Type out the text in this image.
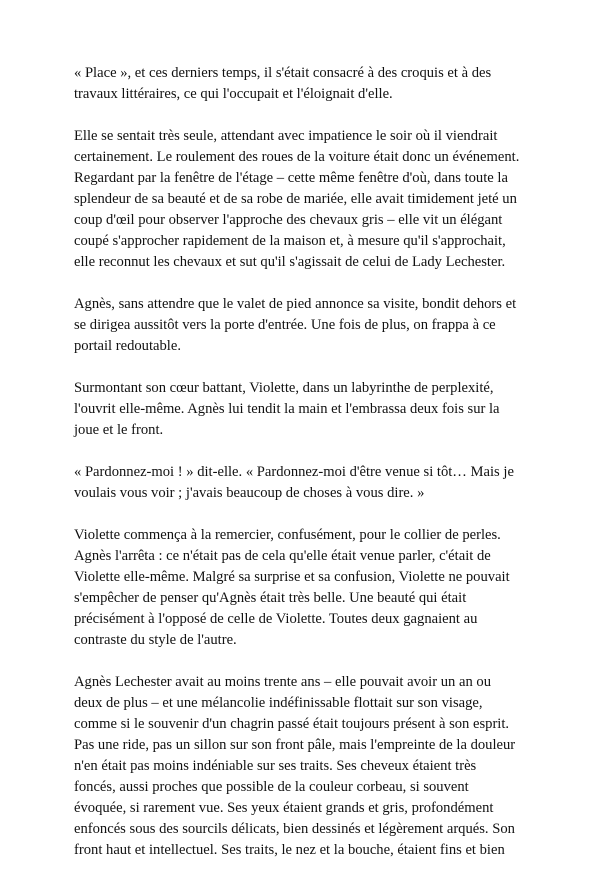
« Place », et ces derniers temps, il s'était consacré à des croquis et à des
travaux littéraires, ce qui l'occupait et l'éloignait d'elle.

Elle se sentait très seule, attendant avec impatience le soir où il viendrait
certainement. Le roulement des roues de la voiture était donc un événement.
Regardant par la fenêtre de l'étage – cette même fenêtre d'où, dans toute la
splendeur de sa beauté et de sa robe de mariée, elle avait timidement jeté un
coup d'œil pour observer l'approche des chevaux gris – elle vit un élégant
coupé s'approcher rapidement de la maison et, à mesure qu'il s'approchait,
elle reconnut les chevaux et sut qu'il s'agissait de celui de Lady Lechester.

Agnès, sans attendre que le valet de pied annonce sa visite, bondit dehors et
se dirigea aussitôt vers la porte d'entrée. Une fois de plus, on frappa à ce
portail redoutable.

Surmontant son cœur battant, Violette, dans un labyrinthe de perplexité,
l'ouvrit elle-même. Agnès lui tendit la main et l'embrassa deux fois sur la
joue et le front.

« Pardonnez-moi ! » dit-elle. « Pardonnez-moi d'être venue si tôt… Mais je
voulais vous voir ; j'avais beaucoup de choses à vous dire. »

Violette commença à la remercier, confusément, pour le collier de perles.
Agnès l'arrêta : ce n'était pas de cela qu'elle était venue parler, c'était de
Violette elle-même. Malgré sa surprise et sa confusion, Violette ne pouvait
s'empêcher de penser qu'Agnès était très belle. Une beauté qui était
précisément à l'opposé de celle de Violette. Toutes deux gagnaient au
contraste du style de l'autre.

Agnès Lechester avait au moins trente ans – elle pouvait avoir un an ou
deux de plus – et une mélancolie indéfinissable flottait sur son visage,
comme si le souvenir d'un chagrin passé était toujours présent à son esprit.
Pas une ride, pas un sillon sur son front pâle, mais l'empreinte de la douleur
n'en était pas moins indéniable sur ses traits. Ses cheveux étaient très
foncés, aussi proches que possible de la couleur corbeau, si souvent
évoquée, si rarement vue. Ses yeux étaient grands et gris, profondément
enfoncés sous des sourcils délicats, bien dessinés et légèrement arqués. Son
front haut et intellectuel. Ses traits, le nez et la bouche, étaient fins et bien
